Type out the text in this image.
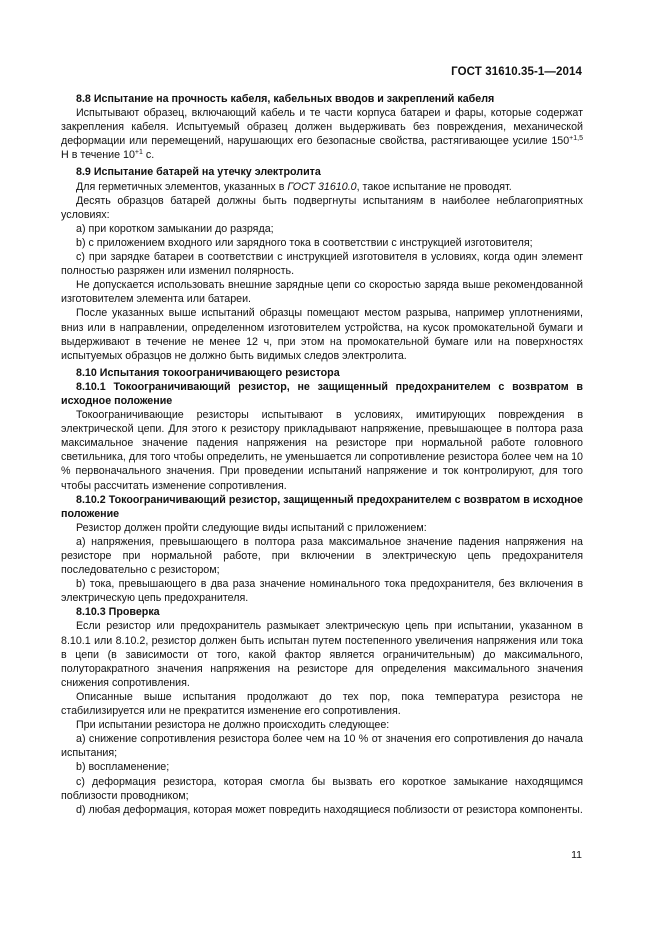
ГОСТ 31610.35-1—2014

8.8 Испытание на прочность кабеля, кабельных вводов и закреплений кабеля

Испытывают образец, включающий кабель и те части корпуса батареи и фары, которые содержат закрепления кабеля. Испытуемый образец должен выдерживать без повреждения, механической деформации или перемещений, нарушающих его безопасные свойства, растягивающее усилие $150^{+1,5}$ Н в течение $10^{+1}$ с.

8.9 Испытание батарей на утечку электролита

Для герметичных элементов, указанных в ГОСТ 31610.0, такое испытание не проводят.

Десять образцов батарей должны быть подвергнуты испытаниям в наиболее неблагоприятных условиях:

а) при коротком замыкании до разряда;

b) с приложением входного или зарядного тока в соответствии с инструкцией изготовителя;

с) при зарядке батареи в соответствии с инструкцией изготовителя в условиях, когда один элемент полностью разряжен или изменил полярность.

Не допускается использовать внешние зарядные цепи со скоростью заряда выше рекомендованной изготовителем элемента или батареи.

После указанных выше испытаний образцы помещают местом разрыва, например уплотнениями, вниз или в направлении, определенном изготовителем устройства, на кусок промокательной бумаги и выдерживают в течение не менее 12 ч, при этом на промокательной бумаге или на поверхностях испытуемых образцов не должно быть видимых следов электролита.

8.10 Испытания токоограничивающего резистора

8.10.1 Токоограничивающий резистор, не защищенный предохранителем с возвратом в исходное положение

Токоограничивающие резисторы испытывают в условиях, имитирующих повреждения в электрической цепи. Для этого к резистору прикладывают напряжение, превышающее в полтора раза максимальное значение падения напряжения на резисторе при нормальной работе головного светильника, для того чтобы определить, не уменьшается ли сопротивление резистора более чем на 10 % первоначального значения. При проведении испытаний напряжение и ток контролируют, для того чтобы рассчитать изменение сопротивления.

8.10.2 Токоограничивающий резистор, защищенный предохранителем с возвратом в исходное положение

Резистор должен пройти следующие виды испытаний с приложением:

а) напряжения, превышающего в полтора раза максимальное значение падения напряжения на резисторе при нормальной работе, при включении в электрическую цепь предохранителя последовательно с резистором;

b) тока, превышающего в два раза значение номинального тока предохранителя, без включения в электрическую цепь предохранителя.

8.10.3 Проверка

Если резистор или предохранитель размыкает электрическую цепь при испытании, указанном в 8.10.1 или 8.10.2, резистор должен быть испытан путем постепенного увеличения напряжения или тока в цепи (в зависимости от того, какой фактор является ограничительным) до максимального, полуторакратного значения напряжения на резисторе для определения максимального значения снижения сопротивления.

Описанные выше испытания продолжают до тех пор, пока температура резистора не стабилизируется или не прекратится изменение его сопротивления.

При испытании резистора не должно происходить следующее:

а) снижение сопротивления резистора более чем на 10 % от значения его сопротивления до начала испытания;

b) воспламенение;

с) деформация резистора, которая смогла бы вызвать его короткое замыкание находящимся поблизости проводником;

d) любая деформация, которая может повредить находящиеся поблизости от резистора компоненты.

11
